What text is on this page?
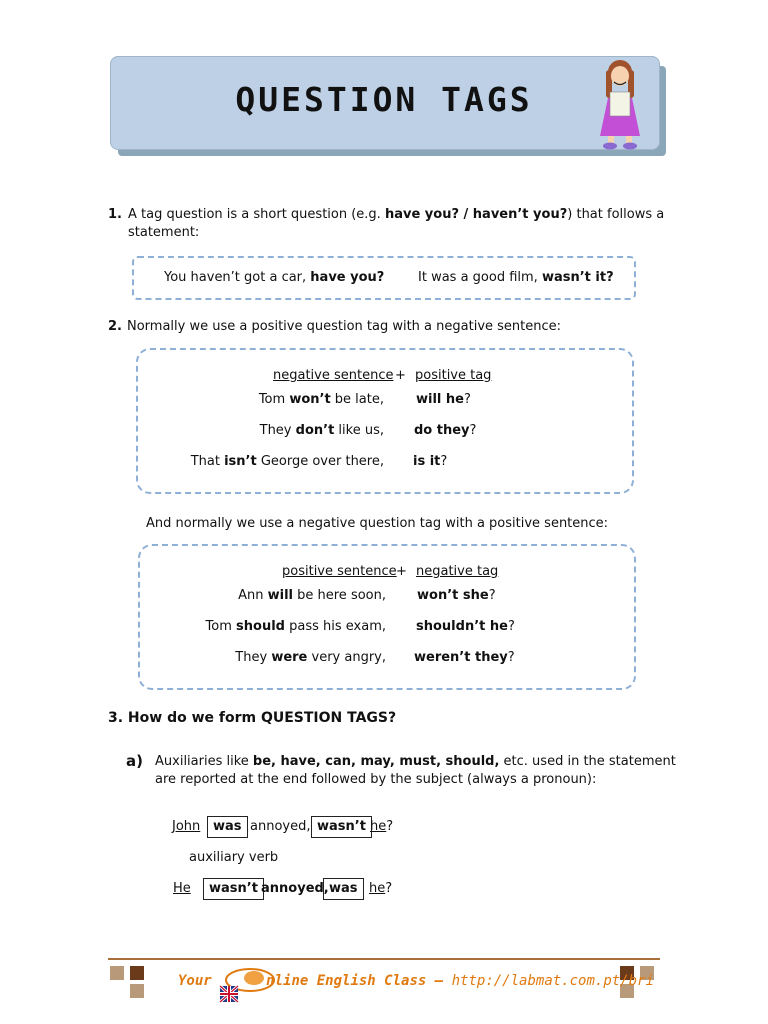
QUESTION TAGS
1. A tag question is a short question (e.g. have you? / haven’t you?) that follows a
statement:
You haven’t got a car, have you?	It was a good film, wasn’t it?
2. Normally we use a positive question tag with a negative sentence:
negative sentence + positive tag
Tom won’t be late, will he?
They don’t like us, do they?
That isn’t George over there, is it?
And normally we use a negative question tag with a positive sentence:
positive sentence + negative tag
Ann will be here soon, won’t she?
Tom should pass his exam, shouldn’t he?
They were very angry, weren’t they?
3. How do we form QUESTION TAGS?
a) Auxiliaries like be, have, can, may, must, should, etc. used in the statement
are reported at the end followed by the subject (always a pronoun):
John was annoyed, wasn’t he?
auxiliary verb
He	wasn’t annoyed, was he?
Your	nline English Class – http://labmat.com.pt/bri
